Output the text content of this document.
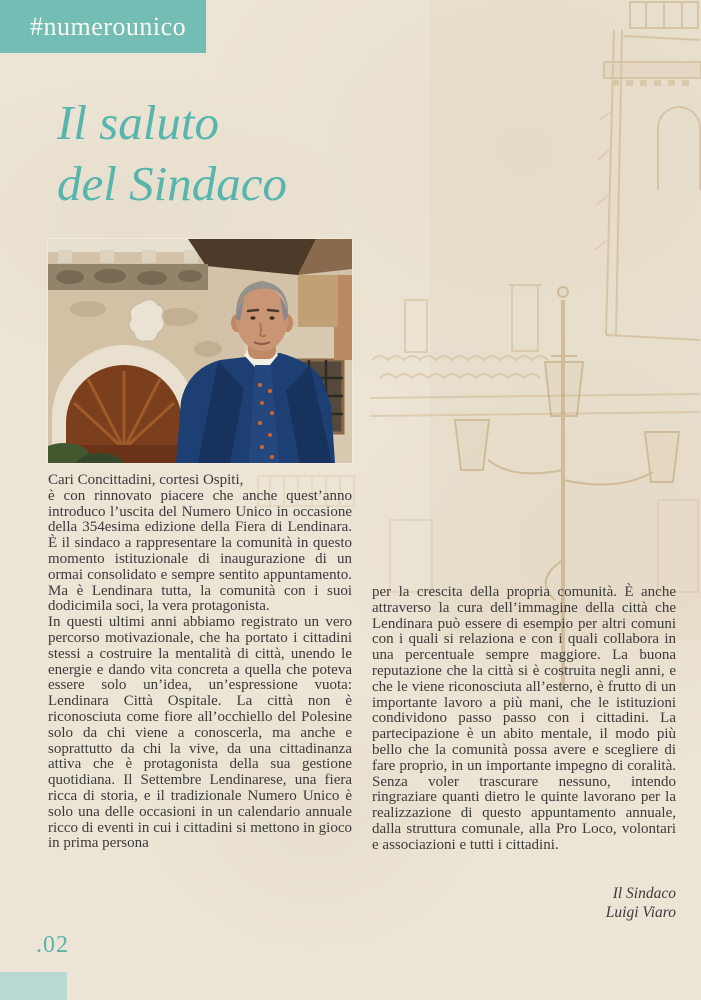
#numerounico
Il saluto
del Sindaco

Cari Concittadini, cortesi Ospiti,

è con rinnovato piacere che anche quest’anno introduco l’uscita del Numero Unico in occasione della 354esima edizione della Fiera di Lendinara. È il sindaco a rappresentare la comunità in questo momento istituzionale di inaugurazione di un ormai consolidato e sempre sentito appuntamento. Ma è Lendinara tutta, la comunità con i suoi dodicimila soci, la vera protagonista.

In questi ultimi anni abbiamo registrato un vero percorso motivazionale, che ha portato i cittadini stessi a costruire la mentalità di città, unendo le energie e dando vita concreta a quella che poteva essere solo un’idea, un’espressione vuota: Lendinara Città Ospitale. La città non è riconosciuta come fiore all’occhiello del Polesine solo da chi viene a conoscerla, ma anche e soprattutto da chi la vive, da una cittadinanza attiva che è protagonista della sua gestione quotidiana. Il Settembre Lendinarese, una fiera ricca di storia, e il tradizionale Numero Unico è solo una delle occasioni in un calendario annuale ricco di eventi in cui i cittadini si mettono in gioco in prima persona

per la crescita della propria comunità. È anche attraverso la cura dell’immagine della città che Lendinara può essere di esempio per altri comuni con i quali si relaziona e con i quali collabora in una percentuale sempre maggiore. La buona reputazione che la città si è costruita negli anni, e che le viene riconosciuta all’esterno, è frutto di un importante lavoro a più mani, che le istituzioni condividono passo passo con i cittadini. La partecipazione è un abito mentale, il modo più bello che la comunità possa avere e scegliere di fare proprio, in un importante impegno di coralità. Senza voler trascurare nessuno, intendo ringraziare quanti dietro le quinte lavorano per la realizzazione di questo appuntamento annuale, dalla struttura comunale, alla Pro Loco, volontari e associazioni e tutti i cittadini.

Il Sindaco
Luigi Viaro
.02
